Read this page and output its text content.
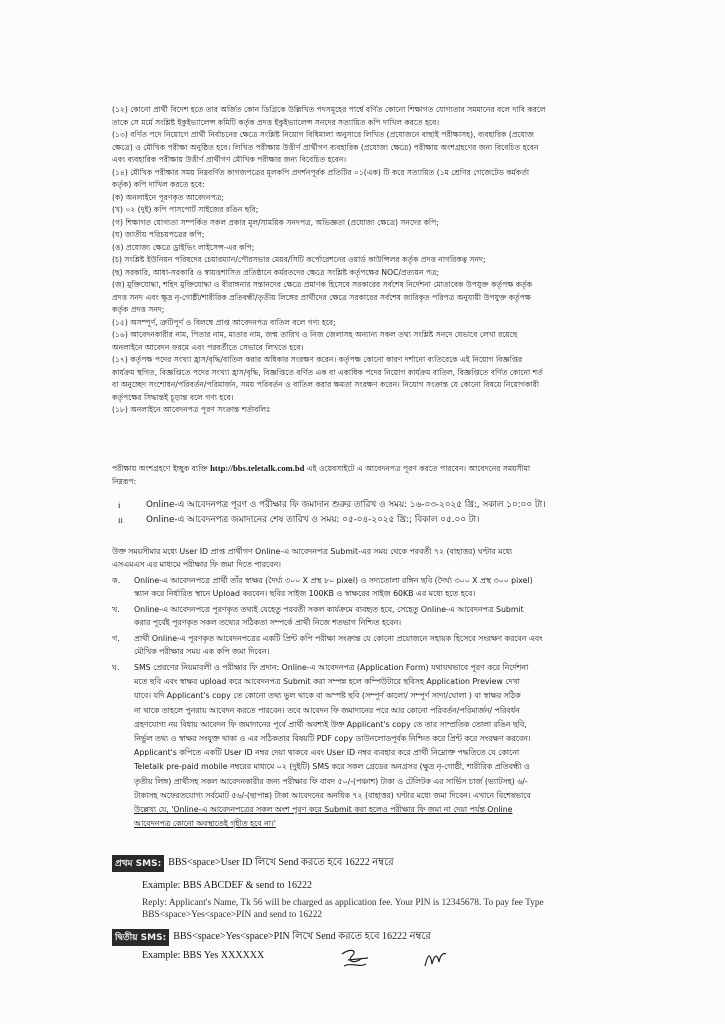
(১২) কোনো প্রার্থী বিদেশ হতে তার অর্জিত কোন ডিগ্রিকে উল্লিখিত পদসমূহের পার্শ্বে বর্ণিত কোনো শিক্ষাগত যোগ্যতার সমমানের বলে দাবি করলে
তাকে সে মর্মে সংশ্লিষ্ট ইকুইভ্যালেন্স কমিটি কর্তৃক প্রদত্ত ইকুইভ্যালেন্স সনদের সত্যায়িত কপি দাখিল করতে হবে।
(১৩) বর্ণিত পদে নিয়োগে প্রার্থী নির্বাচনের ক্ষেত্রে সংশ্লিষ্ট নিয়োগ বিধিমালা অনুসারে লিখিত (প্রযোজনে বাছাই পরীক্ষাসহ), ব্যবহারিক (প্রযোজ
ক্ষেত্রে) ও মৌখিক পরীক্ষা অনুষ্ঠিত হবে। লিখিত পরীক্ষায় উত্তীর্ণ প্রার্থীগণ ব্যবহারিক (প্রযোজ্য ক্ষেত্রে) পরীক্ষায় অংশগ্রহণের জন্য বিবেচিত হবেন
এবং ব্যবহারিক পরীক্ষায় উত্তীর্ণ প্রার্থীগণ মৌখিক পরীক্ষার জন্য বিবেচিত হবেন।
(১৪) মৌখিক পরীক্ষার সময় নিম্নবর্ণিত কাগজপত্রের মূলকপি প্রদর্শনপূর্বক প্রতিটির ০১(এক) টি করে সত্যায়িত (১ম শ্রেণির গেজেটেড কর্মকর্তা
কর্তৃক) কপি দাখিল করতে হবে:
(ক) অনলাইনে পূরণকৃত আবেদনপত্র;
(খ) ০২ (দুই) কপি পাসপোর্ট সাইজের রঙিন ছবি;
(গ) শিক্ষাগত যোগ্যতা সম্পর্কিত সকল প্রকার মূল/সাময়িক সনদপত্র, অভিজ্ঞতা (প্রযোজ্য ক্ষেত্রে) সনদের কপি;
(ঘ) জাতীয় পরিচয়পত্রের কপি;
(ঙ) প্রযোজ্য ক্ষেত্রে ড্রাইভিং লাইসেন্স-এর কপি;
(চ) সংশ্লিষ্ট ইউনিয়ন পরিষদের চেয়ারম্যান/পৌরসভার মেয়র/সিটি কর্পোরেশনের ওয়ার্ড কাউন্সিলর কর্তৃক প্রদত্ত নাগরিকত্ব সনদ;
(ছ) সরকারি, আধা-সরকারি ও স্বায়ত্তশাসিত প্রতিষ্ঠানে কর্মরতদের ক্ষেত্রে সংশ্লিষ্ট কর্তৃপক্ষের NOC/প্রত্যয়ন পত্র;
(জ) মুক্তিযোদ্ধা, শহিদ মুক্তিযোদ্ধা ও বীরাঙ্গনার সন্তানদের ক্ষেত্রে প্রমাণক হিসেবে সরকারের সর্বশেষ নির্দেশনা মোতাবেক উপযুক্ত কর্তৃপক্ষ কর্তৃক
প্রদত্ত সনদ এবং ক্ষুদ্র নৃ-গোষ্ঠী/শারীরিক প্রতিবন্ধী/তৃতীয় লিঙ্গের প্রার্থীদের ক্ষেত্রে সরকারের সর্বশেষ জারিকৃত পরিপত্র অনুযায়ী উপযুক্ত কর্তৃপক্ষ
কর্তৃক প্রদত্ত সনদ;
(১৫) অসম্পূর্ণ, ত্রুটিপূর্ণ ও বিলম্বে প্রাপ্ত আবেদনপত্র বাতিল বলে গণ্য হবে;
(১৬) আবেদনকারীর নাম, পিতার নাম, মাতার নাম, জন্ম তারিখ ও নিজ জেলাসহ অন্যান্য সকল তথ্য সংশ্লিষ্ট সনদে যেভাবে লেখা রয়েছে
অনলাইনে আবেদন ফরমে এবং পরবর্তীতে সেভাবে লিখতে হবে।
(১৭) কর্তৃপক্ষ পদের সংখ্যা হ্রাস/বৃদ্ধি/বাতিল করার অধিকার সংরক্ষণ করেন। কর্তৃপক্ষ কোনো কারণ দর্শানো ব্যতিরেকে এই নিয়োগ বিজ্ঞপ্তির
কার্যক্রম স্থগিত, বিজ্ঞপ্তিতে পদের সংখ্যা হ্রাস/বৃদ্ধি, বিজ্ঞপ্তিতে বর্ণিত এক বা একাধিক পদের নিয়োগ কার্যক্রম বাতিল, বিজ্ঞপ্তিতে বর্ণিত কোনো শর্ত
বা অনুচ্ছেদ সংশোধন/পরিবর্তন/পরিমার্জন, সময় পরিবর্তন ও বাতিল করার ক্ষমতা সংরক্ষণ করেন। নিয়োগ সংক্রান্ত যে কোনো বিষয়ে নিয়োগকারী
কর্তৃপক্ষের সিদ্ধান্তই চূড়ান্ত বলে গণ্য হবে।
(১৮) অনলাইনে আবেদনপত্র পূরণ সংক্রান্ত শর্তাবলিঃ
পরীক্ষায় অংশগ্রহণে ইচ্ছুক ব্যক্তি http://bbs.teletalk.com.bd এই ওয়েবসাইটে এ আবেদনপত্র পূরণ করতে পারবেন। আবেদনের সময়সীমা
নিম্নরূপ:
i	Online-এ আবেদনপত্র পূরণ ও পরীক্ষার ফি জমাদান শুরুর তারিখ ও সময়: ১৬-০৩-২০২৫ খ্রি:, সকাল ১০:০০ টা।
ii	Online-এ আবেদনপত্র জমাদানের শেষ তারিখ ও সময়: ০৫-০৪-২০২৫ খ্রি:; বিকাল ০৫.০০ টা।
উক্ত সময়সীমার মধ্যে User ID প্রাপ্ত প্রার্থীগণ Online-এ আবেদনপত্র Submit-এর সময় থেকে পরবর্তী ৭২ (বাহাত্তর) ঘণ্টার মধ্যে
এসএমএস এর মাধ্যমে পরীক্ষার ফি জমা দিতে পারবেন।
ক.	Online-এ আবেদনপত্রে প্রার্থী তাঁর স্বাক্ষর (দৈর্ঘ্য ৩০০ X প্রস্থ ৮০ pixel) ও সদ্যতোলা রঙ্গিন ছবি (দৈর্ঘ্য ৩০০ X প্রস্থ ৩০০ pixel)
স্ক্যান করে নির্ধারিত স্থানে Upload করবেন। ছবির সাইজ 100KB ও স্বাক্ষরের সাইজ 60KB এর মধ্যে হতে হবে।
খ.	Online-এ আবেদনপত্রে পূরণকৃত তথ্যই যেহেতু পরবর্তী সকল কার্যক্রমে ব্যবহৃত হবে, সেহেতু Online-এ আবেদনপত্র Submit
করার পূর্বেই পূরণকৃত সকল তথ্যের সঠিকতা সম্পর্কে প্রার্থী নিজে শতভাগ নিশ্চিত হবেন।
গ.	প্রার্থী Online-এ পূরণকৃত আবেদনপত্রের একটি প্রিন্ট কপি পরীক্ষা সংক্রান্ত যে কোনো প্রয়োজনে সহায়ক হিসেবে সংরক্ষণ করবেন এবং
মৌখিক পরীক্ষার সময় এক কপি জমা দিবেন।
ঘ.	SMS প্রেরণের নিয়মাবলী ও পরীক্ষার ফি প্রদান: Online-এ আবেদনপত্র (Application Form) যথাযথভাবে পূরণ করে নির্দেশনা
মতে ছবি এবং স্বাক্ষর upload করে আবেদনপত্র Submit করা সম্পন্ন হলে কম্পিউটারে ছবিসহ Application Preview দেখা
যাবে। যদি Applicant's copy তে কোনো তথ্য ভুল থাকে বা অস্পষ্ট ছবি (সম্পূর্ণ কালো/ সম্পূর্ণ সাদা/ঘোলা ) বা স্বাক্ষর সঠিক
না থাকে তাহলে পুনরায় আবেদন করতে পারবেন। তবে আবেদন ফি জমাদানের পরে আর কোনো পরিবর্তন/পরিমার্জন/ পরিবর্ধন
গ্রহণযোগ্য নয় বিধায় আবেদন ফি জমাদানের পূর্বে প্রার্থী অবশ্যই উক্ত Applicant's copy তে তার সাম্প্রতিক তোলা রঙিন ছবি,
নির্ভুল তথ্য ও স্বাক্ষর সংযুক্ত থাকা ও এর সঠিকতার বিষয়টি PDF copy ডাউনলোডপূর্বক নিশ্চিত করে প্রিন্ট করে সংরক্ষণ করবেন।
Applicant's কপিতে একটি User ID নম্বর দেয়া থাকবে এবং User ID নম্বর ব্যবহার করে প্রার্থী নিম্নোক্ত পদ্ধতিতে যে কোনো
Teletalk pre-paid mobile নম্বরের মাধ্যমে ০২ (দুইটি) SMS করে সকল গ্রেডের অনগ্রসর (ক্ষুদ্র নৃ-গোষ্ঠী, শারীরিক প্রতিবন্ধী ও
তৃতীয় লিঙ্গ) প্রার্থীসহ সকল আবেদনকারীর জন্য পরীক্ষার ফি বাবদ ৫০/-(পঞ্চাশ) টাকা ও টেলিটক এর সার্ভিস চার্জ (ভ্যাটসহ) ৬/-
টাকাসহ অফেরতযোগ্য সর্বমোট ৫৬/-(ছাপান্ন) টাকা আবেদনের অনধিক ৭২ (বাহাত্তর) ঘণ্টার মধ্যে জমা দিবেন। এখানে বিশেষভাবে
উল্লেখ্য যে, 'Online-এ আবেদনপত্রের সকল অংশ পূরণ করে Submit করা হলেও পরীক্ষার ফি জমা না দেয়া পর্যন্ত Online
আবেদনপত্র কোনো অবস্থাতেই গৃহীত হবে না।'
প্রথম SMS: BBS<space>User ID লিখে Send করতে হবে 16222 নম্বরে
Example: BBS ABCDEF & send to 16222
Reply: Applicant's Name, Tk 56 will be charged as application fee. Your PIN is 12345678. To pay fee Type
BBS<space>Yes<space>PIN and send to 16222
দ্বিতীয় SMS: BBS<space>Yes<space>PIN লিখে Send করতে হবে 16222 নম্বরে
Example: BBS Yes XXXXXX
